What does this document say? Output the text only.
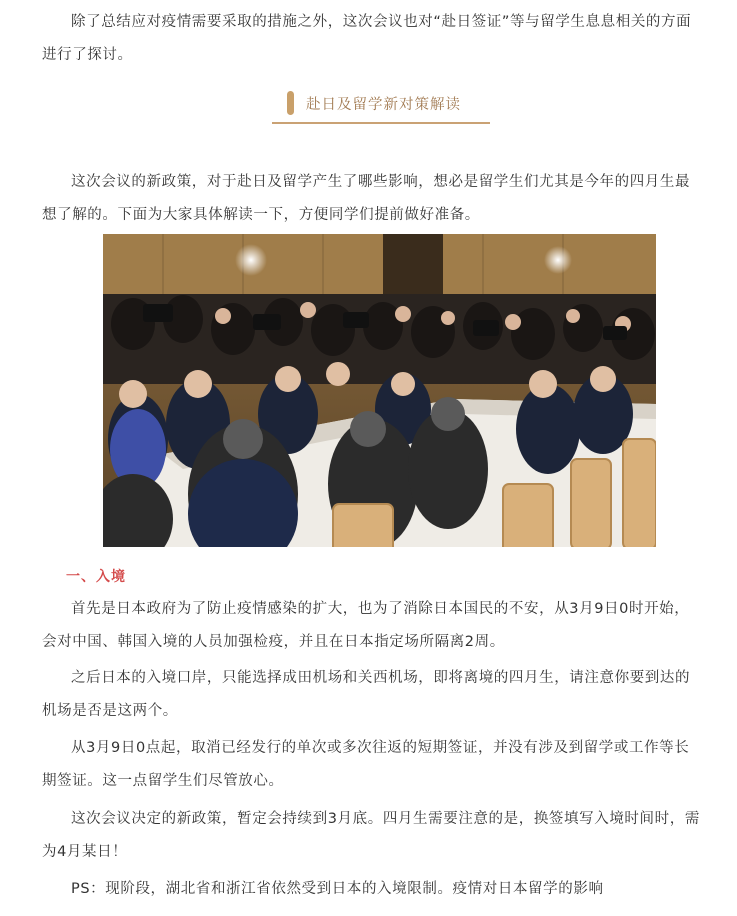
除了总结应对疫情需要采取的措施之外，这次会议也对“赴日签证”等与留学生息息相关的方面进行了探讨。

赴日及留学新对策解读

这次会议的新政策，对于赴日及留学产生了哪些影响，想必是留学生们尤其是今年的四月生最想了解的。下面为大家具体解读一下，方便同学们提前做好准备。

一、入境

首先是日本政府为了防止疫情感染的扩大，也为了消除日本国民的不安，从3月9日0时开始，会对中国、韩国入境的人员加强检疫，并且在日本指定场所隔离2周。

之后日本的入境口岸，只能选择成田机场和关西机场，即将离境的四月生，请注意你要到达的机场是否是这两个。

从3月9日0点起，取消已经发行的单次或多次往返的短期签证，并没有涉及到留学或工作等长期签证。这一点留学生们尽管放心。

这次会议决定的新政策，暂定会持续到3月底。四月生需要注意的是，换签填写入境时间时，需为4月某日！

PS：现阶段，湖北省和浙江省依然受到日本的入境限制。疫情对日本留学的影响
